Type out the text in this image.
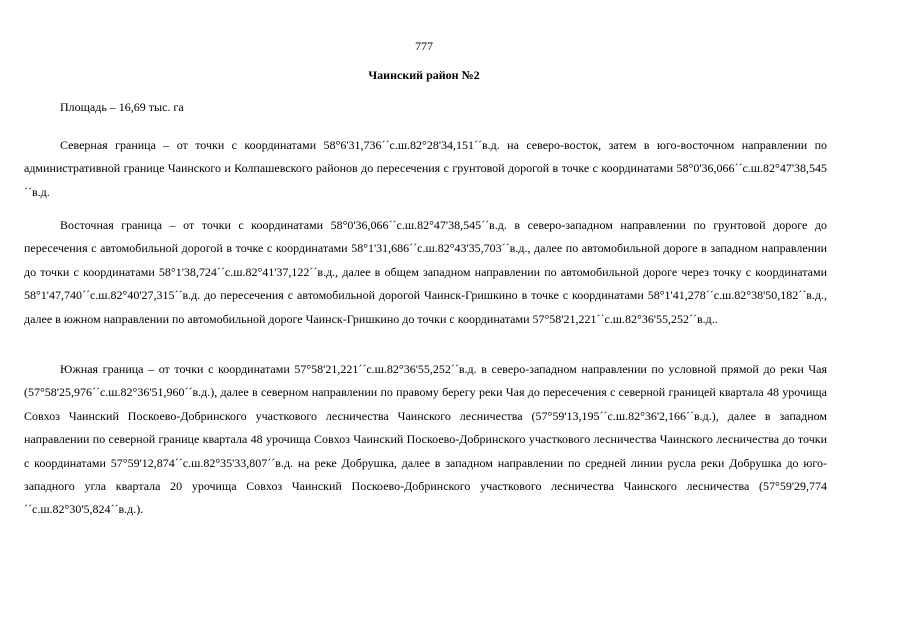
777
Чаинский район №2

Площадь – 16,69 тыс. га

Северная граница – от точки с координатами 58°6'31,736´´с.ш.82°28'34,151´´в.д. на северо-восток, затем в юго-восточном направлении по административной границе Чаинского и Колпашевского районов до пересечения с грунтовой дорогой в точке с координатами 58°0'36,066´´с.ш.82°47'38,545´´в.д.

Восточная граница – от точки с координатами 58°0'36,066´´с.ш.82°47'38,545´´в.д. в северо-западном направлении по грунтовой дороге до пересечения с автомобильной дорогой в точке с координатами 58°1'31,686´´с.ш.82°43'35,703´´в.д., далее по автомобильной дороге в западном направлении до точки с координатами 58°1'38,724´´с.ш.82°41'37,122´´в.д., далее в общем западном направлении по автомобильной дороге через точку с координатами 58°1'47,740´´с.ш.82°40'27,315´´в.д. до пересечения с автомобильной дорогой Чаинск-Гришкино в точке с координатами 58°1'41,278´´с.ш.82°38'50,182´´в.д., далее в южном направлении по автомобильной дороге Чаинск-Гришкино до точки с координатами 57°58'21,221´´с.ш.82°36'55,252´´в.д..

Южная граница – от точки с координатами 57°58'21,221´´с.ш.82°36'55,252´´в.д. в северо-западном направлении по условной прямой до реки Чая (57°58'25,976´´с.ш.82°36'51,960´´в.д.), далее в северном направлении по правому берегу реки Чая до пересечения с северной границей квартала 48 урочища Совхоз Чаинский Поскоево-Добринского участкового лесничества Чаинского лесничества (57°59'13,195´´с.ш.82°36'2,166´´в.д.), далее в западном направлении по северной границе квартала 48 урочища Совхоз Чаинский Поскоево-Добринского участкового лесничества Чаинского лесничества до точки с координатами 57°59'12,874´´с.ш.82°35'33,807´´в.д. на реке Добрушка, далее в западном направлении по средней линии русла реки Добрушка до юго-западного угла квартала 20 урочища Совхоз Чаинский Поскоево-Добринского участкового лесничества Чаинского лесничества (57°59'29,774´´с.ш.82°30'5,824´´в.д.).
